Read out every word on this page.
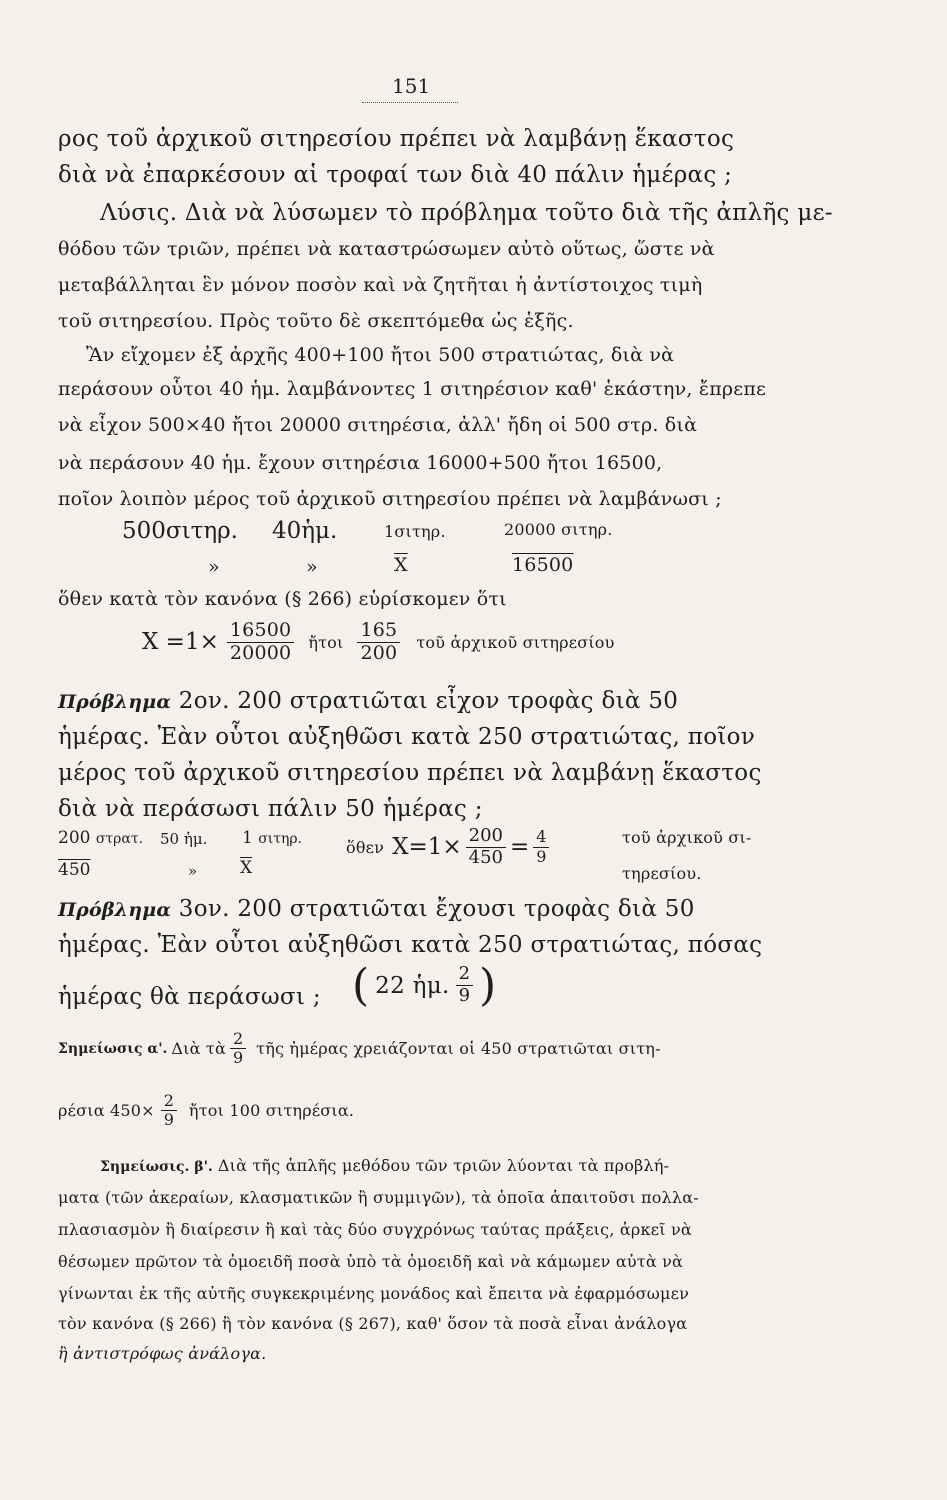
151
ρος τοῦ ἀρχικοῦ σιτηρεσίου πρέπει νὰ λαμβάνῃ ἕκαστος
διὰ νὰ ἐπαρκέσουν αἱ τροφαί των διὰ 40 πάλιν ἡμέρας ;
Λύσις. Διὰ νὰ λύσωμεν τὸ πρόβλημα τοῦτο διὰ τῆς ἀπλῆς με-
θόδου τῶν τριῶν, πρέπει νὰ καταστρώσωμεν αὐτὸ οὕτως, ὥστε νὰ
μεταβάλληται ἓν μόνον ποσὸν καὶ νὰ ζητῆται ἡ ἀντίστοιχος τιμὴ
τοῦ σιτηρεσίου. Πρὸς τοῦτο δὲ σκεπτόμεθα ὡς ἑξῆς.
Ἂν εἴχομεν ἐξ ἀρχῆς 400+100 ἤτοι 500 στρατιώτας, διὰ νὰ
περάσουν οὗτοι 40 ἡμ. λαμβάνοντες 1 σιτηρέσιον καθ' ἑκάστην, ἔπρεπε
νὰ εἶχον 500×40 ἤτοι 20000 σιτηρέσια, ἀλλ' ἤδη οἱ 500 στρ. διὰ
νὰ περάσουν 40 ἡμ. ἔχουν σιτηρέσια 16000+500 ἤτοι 16500,
ποῖον λοιπὸν μέρος τοῦ ἀρχικοῦ σιτηρεσίου πρέπει νὰ λαμβάνωσι ;
500σιτηρ. 40ἡμ.	1σιτηρ.	20000 σιτηρ.
»	»	$\overline{X}$	16500
ὅθεν κατὰ τὸν κανόνα (§ 266) εὑρίσκομεν ὅτι
$X =1\times \frac{16500}{20000}$ ἤτοι $\frac{165}{200}$ τοῦ ἀρχικοῦ σιτηρεσίου
Πρόβλημα 2ον. 200 στρατιῶται εἶχον τροφὰς διὰ 50
ἡμέρας. Ἐὰν οὗτοι αὐξηθῶσι κατὰ 250 στρατιώτας, ποῖον
μέρος τοῦ ἀρχικοῦ σιτηρεσίου πρέπει νὰ λαμβάνῃ ἕκαστος
διὰ νὰ περάσωσι πάλιν 50 ἡμέρας ;
200 στρατ. 50 ἡμ. 1 σιτηρ.
450	»	$\overline{X}$
ὅθεν $X=1\times \frac{200}{450} = \frac{4}{9}$	τοῦ ἀρχικοῦ σι-
τηρεσίου.
Πρόβλημα 3ον. 200 στρατιῶται ἔχουσι τροφὰς διὰ 50
ἡμέρας. Ἐὰν οὗτοι αὐξηθῶσι κατὰ 250 στρατιώτας, πόσας
ἡμέρας θὰ περάσωσι ; ( 22 ἡμ. $\frac{2}{9}$ )
Σημείωσις α'. Διὰ τὰ $\frac{2}{9}$ τῆς ἡμέρας χρειάζονται οἱ 450 στρατιῶται σιτη-
ρέσια $450\times \frac{2}{9}$ ἤτοι 100 σιτηρέσια.
Σημείωσις. β'. Διὰ τῆς ἁπλῆς μεθόδου τῶν τριῶν λύονται τὰ προβλή-
ματα (τῶν ἀκεραίων, κλασματικῶν ἢ συμμιγῶν), τὰ ὁποῖα ἀπαιτοῦσι πολλα-
πλασιασμὸν ἢ διαίρεσιν ἢ καὶ τὰς δύο συγχρόνως ταύτας πράξεις, ἀρκεῖ νὰ
θέσωμεν πρῶτον τὰ ὁμοειδῆ ποσὰ ὑπὸ τὰ ὁμοειδῆ καὶ νὰ κάμωμεν αὐτὰ νὰ
γίνωνται ἐκ τῆς αὐτῆς συγκεκριμένης μονάδος καὶ ἔπειτα νὰ ἐφαρμόσωμεν
τὸν κανόνα (§ 266) ἢ τὸν κανόνα (§ 267), καθ' ὅσον τὰ ποσὰ εἶναι ἀνάλογα
ἢ ἀντιστρόφως ἀνάλογα.
